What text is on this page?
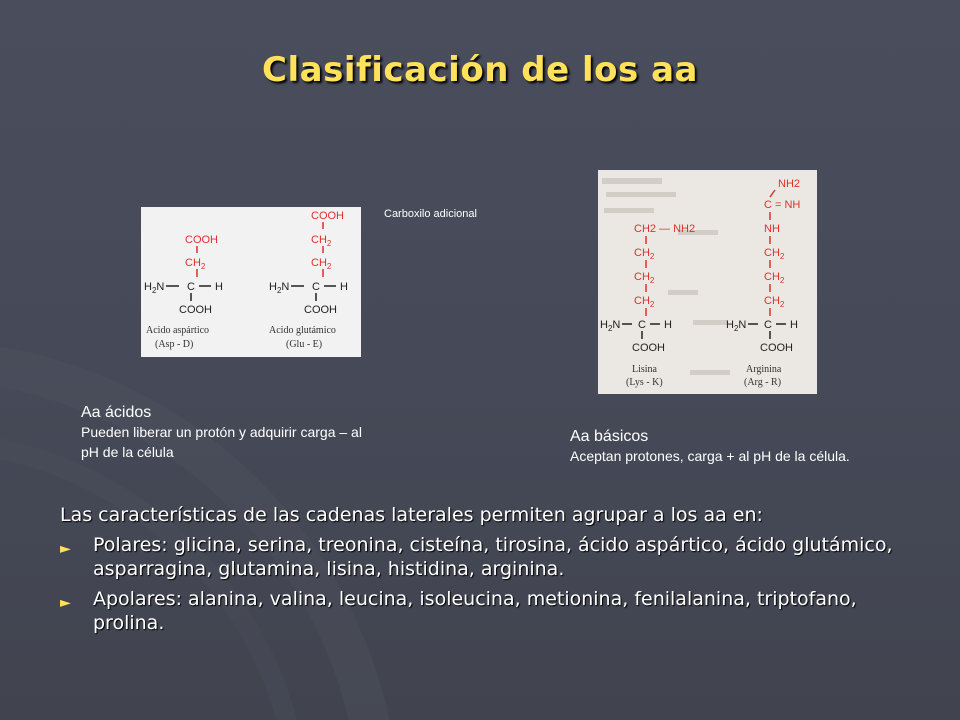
Clasificación de los aa
Carboxilo adicional
COOH
$CH_2$
$H_2N$ C H
COOH
Acido aspártico
(Asp - D)
COOH
$CH_2$
$CH_2$
$H_2N$ C H
COOH
Acido glutámico
(Glu - E)
CH2 — NH2
$CH_2$
$CH_2$
$CH_2$
$H_2N$ C H
COOH
Lisina
(Lys - K)
NH2
C = NH
NH
$CH_2$
$CH_2$
$CH_2$
$H_2N$ C H
COOH
Arginina
(Arg - R)
Aa ácidos
Pueden liberar un protón y adquirir carga – al
pH de la célula
Aa básicos
Aceptan protones, carga + al pH de la célula.
Las características de las cadenas laterales permiten agrupar a los aa en:
► Polares: glicina, serina, treonina, cisteína, tirosina, ácido aspártico, ácido glutámico, asparragina, glutamina, lisina, histidina, arginina.
► Apolares: alanina, valina, leucina, isoleucina, metionina, fenilalanina, triptofano, prolina.
